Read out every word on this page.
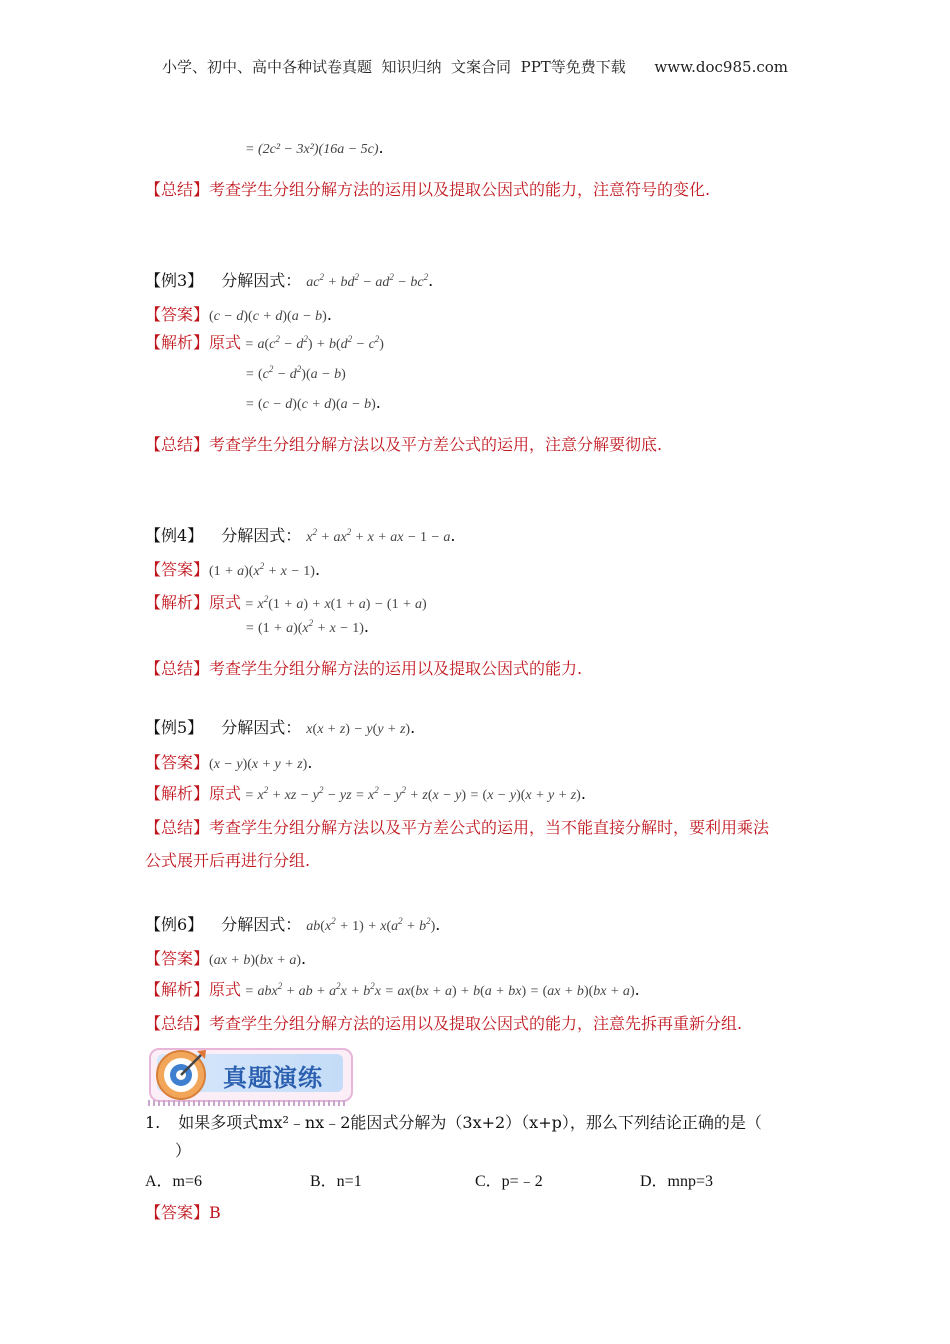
小学、初中、高中各种试卷真题  知识归纳  文案合同  PPT等免费下载      www.doc985.com
= (2c² − 3x²)(16a − 5c).
【总结】考查学生分组分解方法的运用以及提取公因式的能力，注意符号的变化.
【例3】 分解因式： $ac^2 + bd^2 - ad^2 - bc^2$.
【答案】(c − d)(c + d)(a − b).
【解析】原式 = $a(c^2 - d^2) + b(d^2 - c^2)$
= $(c^2 - d^2)(a - b)$
= (c − d)(c + d)(a − b).
【总结】考查学生分组分解方法以及平方差公式的运用，注意分解要彻底.
【例4】 分解因式： $x^2 + ax^2 + x$ + ax − 1 − a.
【答案】$(1 + a)(x^2 + x - 1)$.
【解析】原式 = $x^2(1 + a) + x(1 + a) - (1 + a)$
= $(1 + a)(x^2 + x - 1)$.
【总结】考查学生分组分解方法的运用以及提取公因式的能力.
【例5】 分解因式： x(x + z) − y(y + z).
【答案】(x − y)(x + y + z).
【解析】原式 = $x^2$ + xz − $y^2$ − yz = $x^2 - y^2 + z(x - y) = (x - y)(x + y + z)$.
【总结】考查学生分组分解方法以及平方差公式的运用，当不能直接分解时，要利用乘法
公式展开后再进行分组.
【例6】 分解因式： $ab(x^2 + 1) + x(a^2 + b^2)$.
【答案】(ax + b)(bx + a).
【解析】原式 = abx$^2$ + ab + $a^2x + b^2x = ax(bx + a) + b(a + bx) = (ax + b)(bx + a)$.
【总结】考查学生分组分解方法的运用以及提取公因式的能力，注意先拆再重新分组.
真题演练
1. 如果多项式mx²﹣nx﹣2能因式分解为（3x+2）（x+p），那么下列结论正确的是（
）
A．m=6	B．n=1	C．p=﹣2	D．mnp=3
【答案】B
